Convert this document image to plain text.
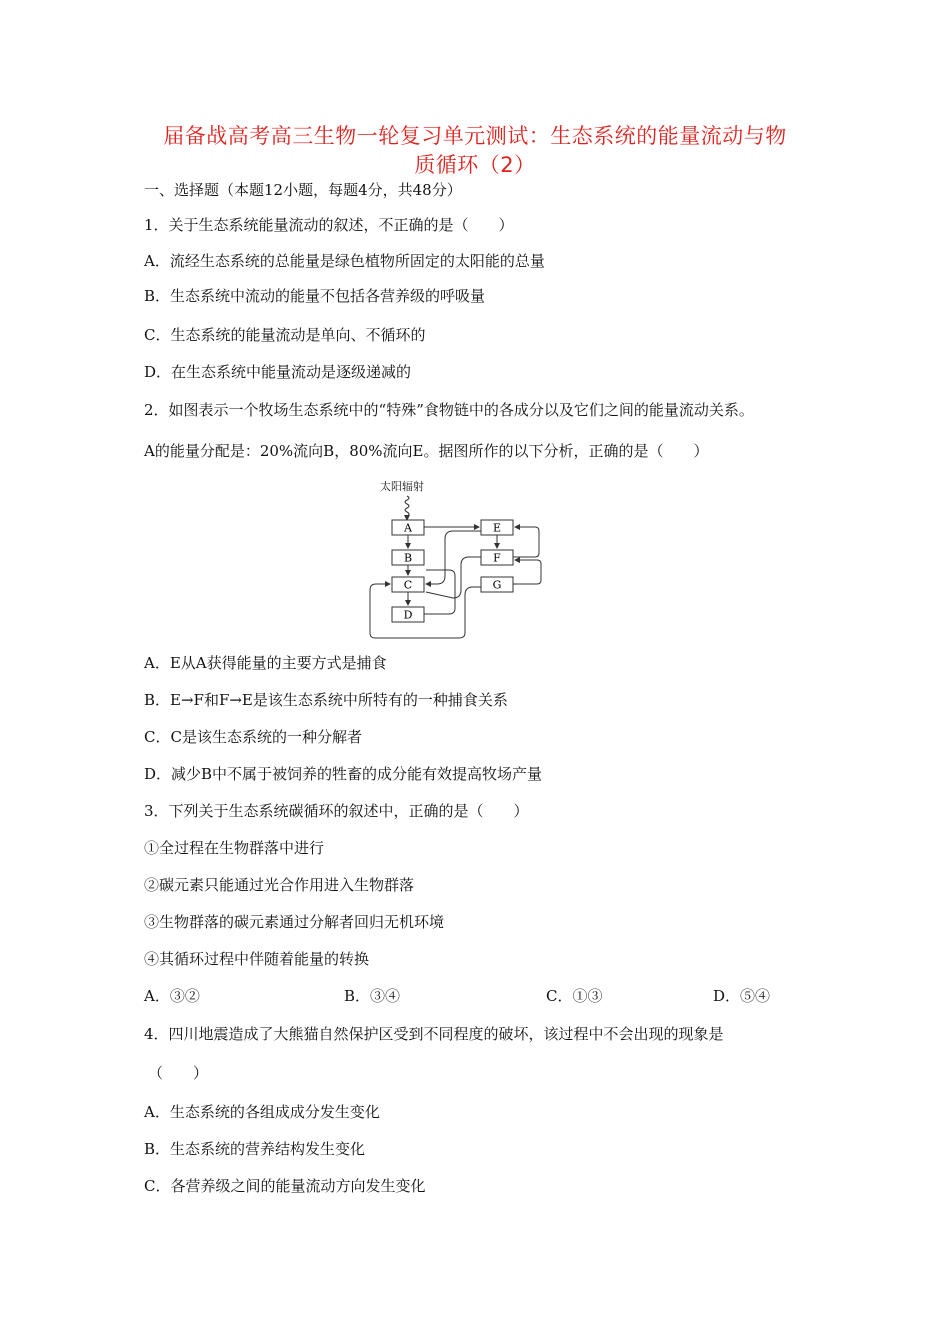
届备战高考高三生物一轮复习单元测试：生态系统的能量流动与物
质循环（2）
一、选择题（本题12小题，每题4分，共48分）
1．关于生态系统能量流动的叙述，不正确的是（　　）
A．流经生态系统的总能量是绿色植物所固定的太阳能的总量
B．生态系统中流动的能量不包括各营养级的呼吸量
C．生态系统的能量流动是单向、不循环的
D．在生态系统中能量流动是逐级递减的
2．如图表示一个牧场生态系统中的“特殊”食物链中的各成分以及它们之间的能量流动关系。
A的能量分配是：20%流向B，80%流向E。据图所作的以下分析，正确的是（　　）
太阳辐射
A
B
C
D
E
F
G
A．E从A获得能量的主要方式是捕食
B．E→F和F→E是该生态系统中所特有的一种捕食关系
C．C是该生态系统的一种分解者
D．减少B中不属于被饲养的牲畜的成分能有效提高牧场产量
3．下列关于生态系统碳循环的叙述中，正确的是（　　）
①全过程在生物群落中进行
②碳元素只能通过光合作用进入生物群落
③生物群落的碳元素通过分解者回归无机环境
④其循环过程中伴随着能量的转换
A．③②	B．③④	C．①③	D．⑤④
4．四川地震造成了大熊猫自然保护区受到不同程度的破坏，该过程中不会出现的现象是
（　　）
A．生态系统的各组成成分发生变化
B．生态系统的营养结构发生变化
C．各营养级之间的能量流动方向发生变化
